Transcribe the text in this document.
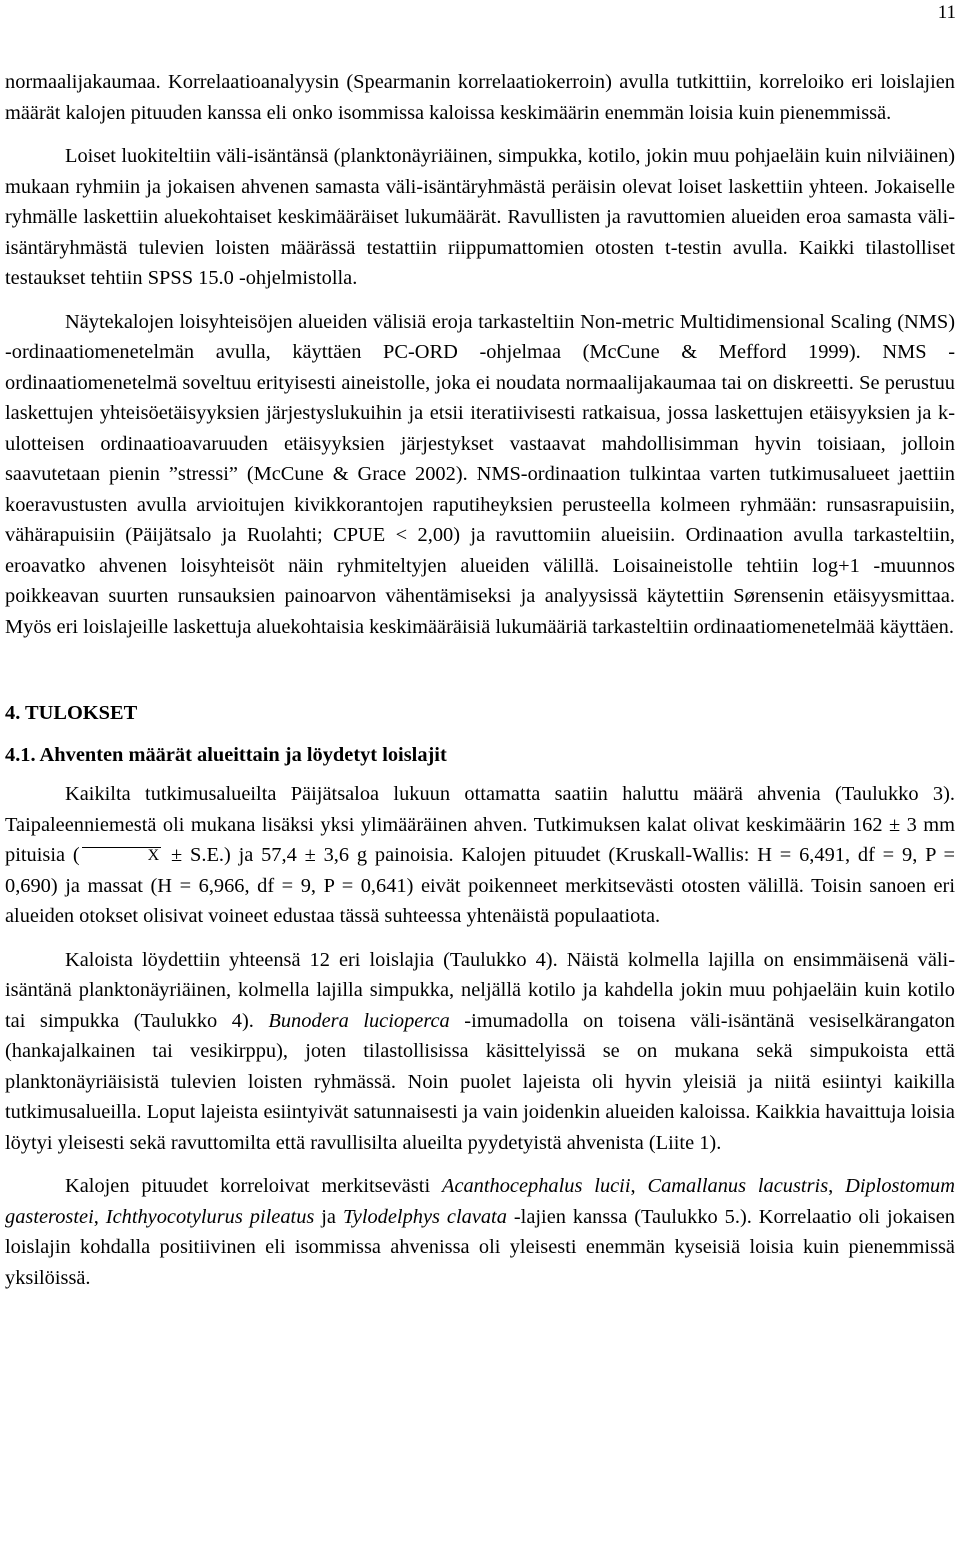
11

normaalijakaumaa. Korrelaatioanalyysin (Spearmanin korrelaatiokerroin) avulla tutkittiin, korreloiko eri loislajien määrät kalojen pituuden kanssa eli onko isommissa kaloissa keskimäärin enemmän loisia kuin pienemmissä.

Loiset luokiteltiin väli-isäntänsä (planktonäyriäinen, simpukka, kotilo, jokin muu pohjaeläin kuin nilviäinen) mukaan ryhmiin ja jokaisen ahvenen samasta väli-isäntäryhmästä peräisin olevat loiset laskettiin yhteen. Jokaiselle ryhmälle laskettiin aluekohtaiset keskimääräiset lukumäärät. Ravullisten ja ravuttomien alueiden eroa samasta väli-isäntäryhmästä tulevien loisten määrässä testattiin riippumattomien otosten t-testin avulla. Kaikki tilastolliset testaukset tehtiin SPSS 15.0 -ohjelmistolla.

Näytekalojen loisyhteisöjen alueiden välisiä eroja tarkasteltiin Non-metric Multidimensional Scaling (NMS) -ordinaatiomenetelmän avulla, käyttäen PC-ORD -ohjelmaa (McCune & Mefford 1999). NMS -ordinaatiomenetelmä soveltuu erityisesti aineistolle, joka ei noudata normaalijakaumaa tai on diskreetti. Se perustuu laskettujen yhteisöetäisyyksien järjestyslukuihin ja etsii iteratiivisesti ratkaisua, jossa laskettujen etäisyyksien ja k-ulotteisen ordinaatioavaruuden etäisyyksien järjestykset vastaavat mahdollisimman hyvin toisiaan, jolloin saavutetaan pienin ”stressi” (McCune & Grace 2002). NMS-ordinaation tulkintaa varten tutkimusalueet jaettiin koeravustusten avulla arvioitujen kivikkorantojen raputiheyksien perusteella kolmeen ryhmään: runsasrapuisiin, vähärapuisiin (Päijätsalo ja Ruolahti; CPUE < 2,00) ja ravuttomiin alueisiin. Ordinaation avulla tarkasteltiin, eroavatko ahvenen loisyhteisöt näin ryhmiteltyjen alueiden välillä. Loisaineistolle tehtiin log+1 -muunnos poikkeavan suurten runsauksien painoarvon vähentämiseksi ja analyysissä käytettiin Sørensenin etäisyysmittaa. Myös eri loislajeille laskettuja aluekohtaisia keskimääräisiä lukumääriä tarkasteltiin ordinaatiomenetelmää käyttäen.

4. TULOKSET
4.1. Ahventen määrät alueittain ja löydetyt loislajit

Kaikilta tutkimusalueilta Päijätsaloa lukuun ottamatta saatiin haluttu määrä ahvenia (Taulukko 3). Taipaleenniemestä oli mukana lisäksi yksi ylimääräinen ahven. Tutkimuksen kalat olivat keskimäärin 162 ± 3 mm pituisia (	X ± S.E.) ja 57,4 ± 3,6 g painoisia. Kalojen pituudet (Kruskall-Wallis: H = 6,491, df = 9, P = 0,690) ja massat (H = 6,966, df = 9, P = 0,641) eivät poikenneet merkitsevästi otosten välillä. Toisin sanoen eri alueiden otokset olisivat voineet edustaa tässä suhteessa yhtenäistä populaatiota.

Kaloista löydettiin yhteensä 12 eri loislajia (Taulukko 4). Näistä kolmella lajilla on ensimmäisenä väli-isäntänä planktonäyriäinen, kolmella lajilla simpukka, neljällä kotilo ja kahdella jokin muu pohjaeläin kuin kotilo tai simpukka (Taulukko 4). Bunodera luciopercа -imumadolla on toisena väli-isäntänä vesiselkärangaton (hankajalkainen tai vesikirppu), joten tilastollisissa käsittelyissä se on mukana sekä simpukoista että planktonäyriäisistä tulevien loisten ryhmässä. Noin puolet lajeista oli hyvin yleisiä ja niitä esiintyi kaikilla tutkimusalueilla. Loput lajeista esiintyivät satunnaisesti ja vain joidenkin alueiden kaloissa. Kaikkia havaittuja loisia löytyi yleisesti sekä ravuttomilta että ravullisilta alueilta pyydetyistä ahvenista (Liite 1).

Kalojen pituudet korreloivat merkitsevästi Acanthocephalus lucii, Camallanus lacustris, Diplostomum gasterostei, Ichthyocotylurus pileatus ja Tylodelphys clavata -lajien kanssa (Taulukko 5.). Korrelaatio oli jokaisen loislajin kohdalla positiivinen eli isommissa ahvenissa oli yleisesti enemmän kyseisiä loisia kuin pienemmissä yksilöissä.
